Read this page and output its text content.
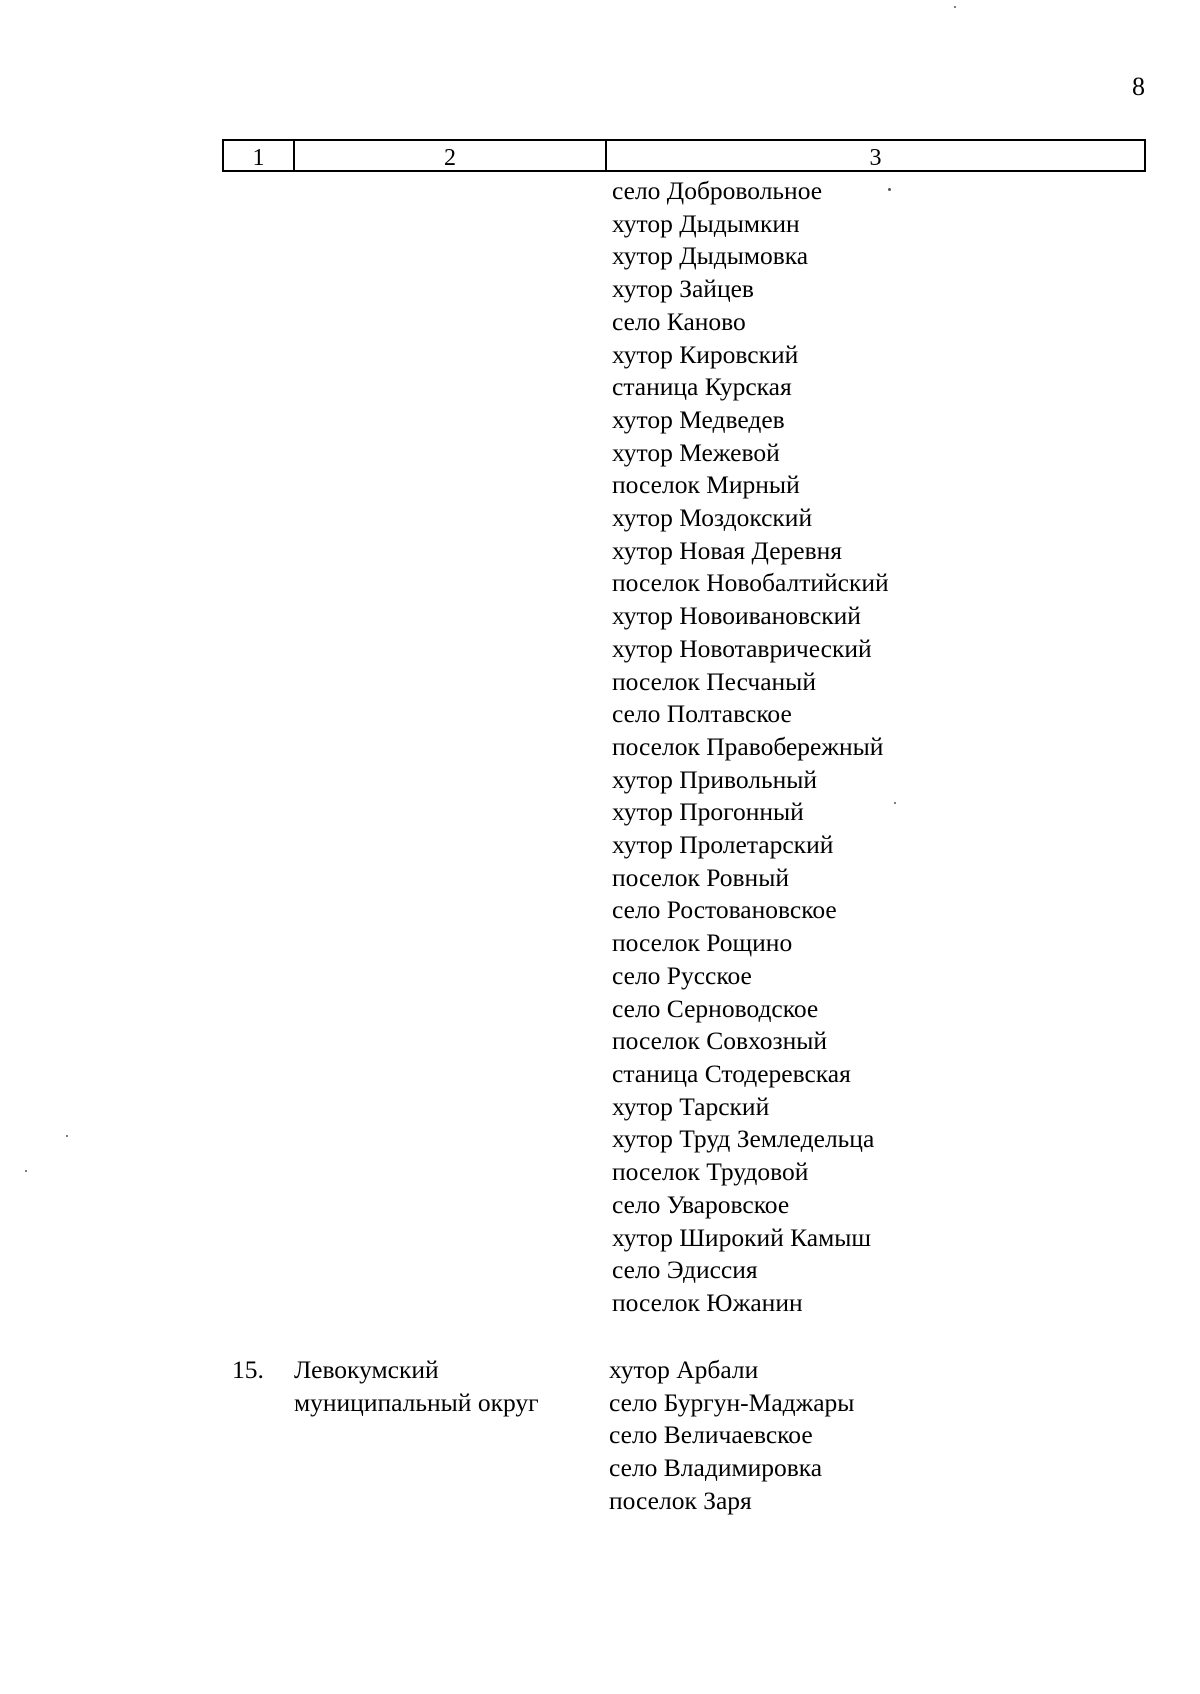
8
1	2	3
село Добровольное
хутор Дыдымкин
хутор Дыдымовка
хутор Зайцев
село Каново
хутор Кировский
станица Курская
хутор Медведев
хутор Межевой
поселок Мирный
хутор Моздокский
хутор Новая Деревня
поселок Новобалтийский
хутор Новоивановский
хутор Новотаврический
поселок Песчаный
село Полтавское
поселок Правобережный
хутор Привольный
хутор Прогонный
хутор Пролетарский
поселок Ровный
село Ростовановское
поселок Рощино
село Русское
село Серноводское
поселок Совхозный
станица Стодеревская
хутор Тарский
хутор Труд Земледельца
поселок Трудовой
село Уваровское
хутор Широкий Камыш
село Эдиссия
поселок Южанин
15. Левокумский
муниципальный округ
хутор Арбали
село Бургун-Маджары
село Величаевское
село Владимировка
поселок Заря
